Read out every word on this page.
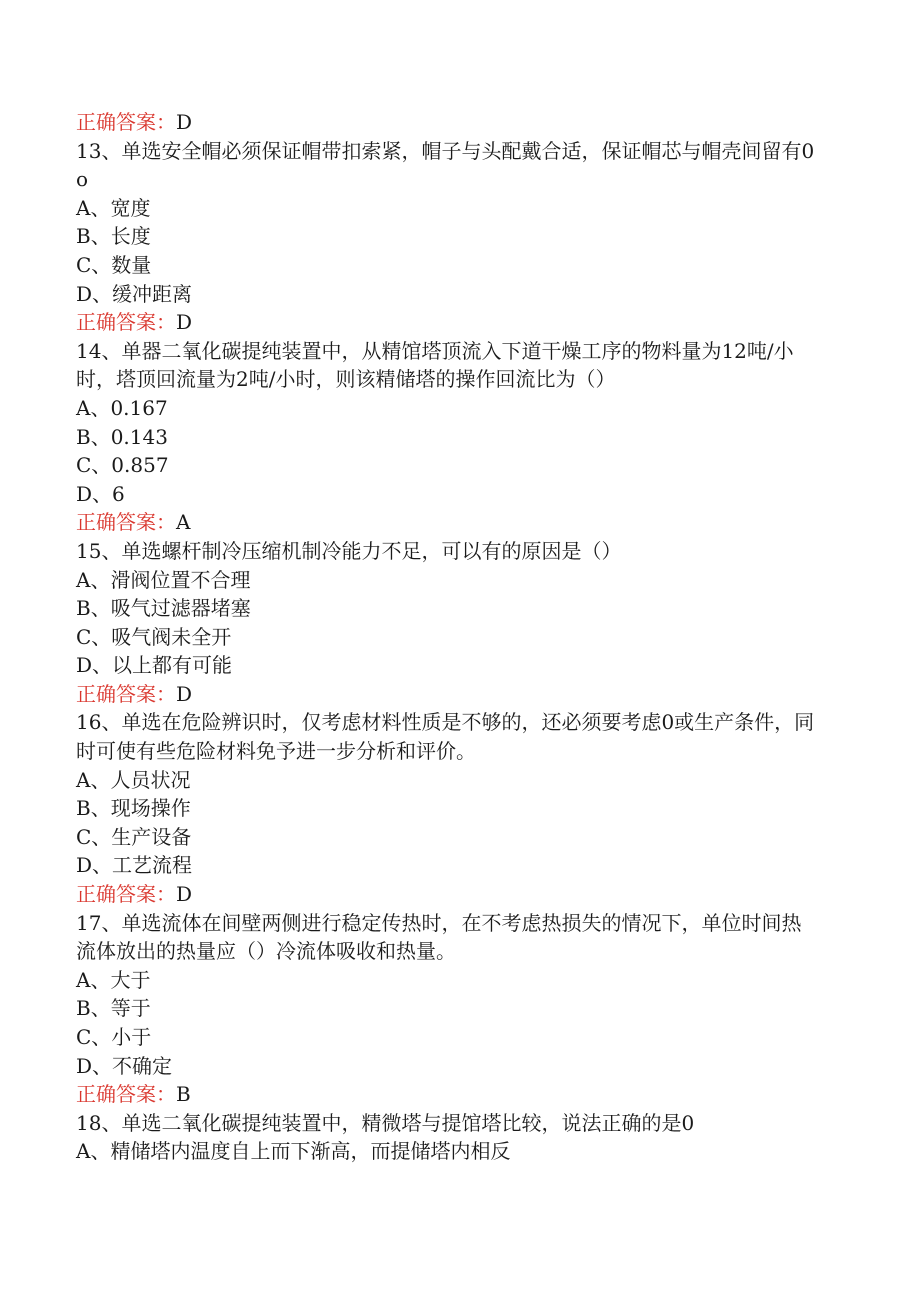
正确答案：D
13、单选安全帽必须保证帽带扣索紧，帽子与头配戴合适，保证帽芯与帽壳间留有0o
A、宽度
B、长度
C、数量
D、缓冲距离
正确答案：D
14、单器二氧化碳提纯装置中，从精馆塔顶流入下道干燥工序的物料量为12吨/小时，塔顶回流量为2吨/小时，则该精储塔的操作回流比为（）
A、0.167
B、0.143
C、0.857
D、6
正确答案：A
15、单选螺杆制冷压缩机制冷能力不足，可以有的原因是（）
A、滑阀位置不合理
B、吸气过滤器堵塞
C、吸气阀未全开
D、以上都有可能
正确答案：D
16、单选在危险辨识时，仅考虑材料性质是不够的，还必须要考虑0或生产条件，同时可使有些危险材料免予进一步分析和评价。
A、人员状况
B、现场操作
C、生产设备
D、工艺流程
正确答案：D
17、单选流体在间壁两侧进行稳定传热时，在不考虑热损失的情况下，单位时间热流体放出的热量应（）冷流体吸收和热量。
A、大于
B、等于
C、小于
D、不确定
正确答案：B
18、单选二氧化碳提纯装置中，精微塔与提馆塔比较，说法正确的是0
A、精储塔内温度自上而下渐高，而提储塔内相反
